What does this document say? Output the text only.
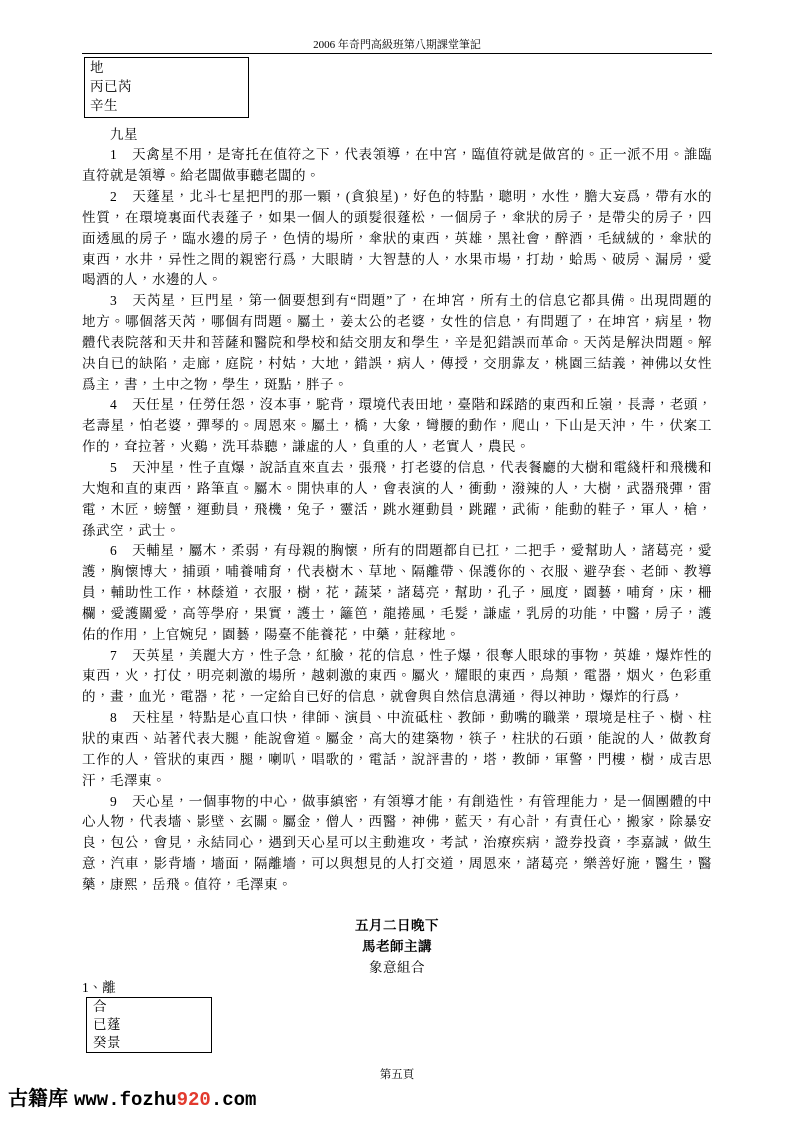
2006 年奇門高級班第八期課堂筆記
地
丙已芮
辛生
九星
1 天禽星不用，是寄托在值符之下，代表領導，在中宮，臨值符就是做宮的。正一派不用。誰臨
直符就是領導。給老闆做事聽老闆的。
2 天蓬星，北斗七星把門的那一顆，(貪狼星)，好色的特點，聰明，水性，膽大妄爲，帶有水的
性質，在環境裏面代表蓬子，如果一個人的頭髮很蓬松，一個房子，傘狀的房子，是帶尖的房子，四
面透風的房子，臨水邊的房子，色情的場所，傘狀的東西，英雄，黑社會，醉酒，毛絨絨的，傘狀的
東西，水井，异性之間的親密行爲，大眼睛，大智慧的人，水果市場，打劫，蛤馬、破房、漏房，愛
喝酒的人，水邊的人。
3 天芮星，巨門星，第一個要想到有“問題”了，在坤宮，所有土的信息它都具備。出現問題的
地方。哪個落天芮，哪個有問題。屬土，姜太公的老婆，女性的信息，有問題了，在坤宮，病星，物
體代表院落和天井和菩薩和醫院和學校和結交朋友和學生，辛是犯錯誤而革命。天芮是解決問題。解
决自已的缺陷，走廊，庭院，村姑，大地，錯誤，病人，傳授，交朋靠友，桃園三結義，神佛以女性
爲主，書，土中之物，學生，斑點，胖子。
4 天任星，任勞任怨，沒本事，駝背，環境代表田地，臺階和踩踏的東西和丘嶺，長壽，老頭，
老壽星，怕老婆，彈琴的。周恩來。屬土，橋，大象，彎腰的動作，爬山，下山是天沖，牛，伏案工
作的，耷拉著，火鷄，洗耳恭聽，謙虛的人，負重的人，老實人，農民。
5 天沖星，性子直爆，說話直來直去，張飛，打老婆的信息，代表餐廳的大樹和電綫杆和飛機和
大炮和直的東西，路筆直。屬木。開快車的人，會表演的人，衝動，潑辣的人，大樹，武器飛彈，雷
電，木匠，螃蟹，運動員，飛機，兔子，靈活，跳水運動員，跳躍，武術，能動的鞋子，軍人，槍，
孫武空，武士。
6 天輔星，屬木，柔弱，有母親的胸懷，所有的問題都自已扛，二把手，愛幫助人，諸葛亮，愛
護，胸懷博大，捕頭，哺養哺育，代表樹木、草地、隔離帶、保護你的、衣服、避孕套、老師、教導
員，輔助性工作，林蔭道，衣服，樹，花，蔬菜，諸葛亮，幫助，孔子，風度，園藝，哺育，床，柵
欄，愛護關愛，高等學府，果實，護士，籬笆，龍捲風，毛髮，謙虛，乳房的功能，中醫，房子，護
佑的作用，上官婉兒，園藝，陽臺不能養花，中藥，莊稼地。
7 天英星，美麗大方，性子急，紅臉，花的信息，性子爆，很奪人眼球的事物，英雄，爆炸性的
東西，火，打仗，明亮刺激的場所，越刺激的東西。屬火，耀眼的東西，鳥類，電器，烟火，色彩重
的，畫，血光，電器，花，一定給自已好的信息，就會與自然信息溝通，得以神助，爆炸的行爲，
8 天柱星，特點是心直口快，律師、演員、中流砥柱、教師，動嘴的職業，環境是柱子、樹、柱
狀的東西、站著代表大腿，能說會道。屬金，高大的建築物，筷子，柱狀的石頭，能說的人，做教育
工作的人，管狀的東西，腿，喇叭，唱歌的，電話，說評書的，塔，教師，軍警，門樓，樹，成吉思
汗，毛澤東。
9 天心星，一個事物的中心，做事縝密，有領導才能，有創造性，有管理能力，是一個團體的中
心人物，代表墻、影壁、玄關。屬金，僧人，西醫，神佛，藍天，有心計，有責任心，搬家，除暴安
良，包公，會見，永結同心，遇到天心星可以主動進攻，考試，治療疾病，證券投資，李嘉誠，做生
意，汽車，影背墻，墻面，隔離墻，可以與想見的人打交道，周恩來，諸葛亮，樂善好施，醫生，醫
藥，康熙，岳飛。值符，毛澤東。
五月二日晚下
馬老師主講
象意組合
1、離
合
已蓬
癸景
第五頁
古籍库 www.fozhu920.com
